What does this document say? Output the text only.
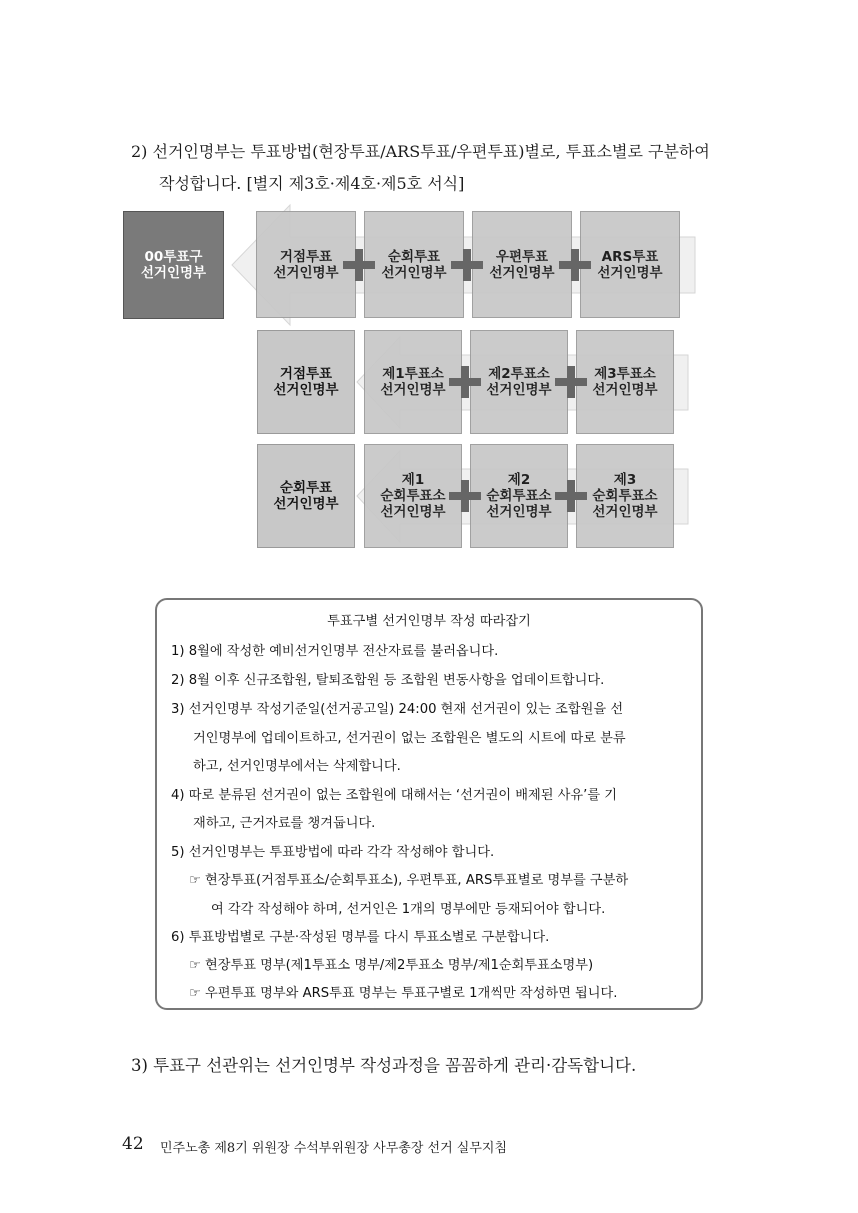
2) 선거인명부는 투표방법(현장투표/ARS투표/우편투표)별로, 투표소별로 구분하여
작성합니다. [별지 제3호·제4호·제5호 서식]
00투표구
선거인명부
거점투표
선거인명부
순회투표
선거인명부
우편투표
선거인명부
ARS투표
선거인명부
거점투표
선거인명부
제1투표소
선거인명부
제2투표소
선거인명부
제3투표소
선거인명부
순회투표
선거인명부
제1
순회투표소
선거인명부
제2
순회투표소
선거인명부
제3
순회투표소
선거인명부
투표구별 선거인명부 작성 따라잡기
1) 8월에 작성한 예비선거인명부 전산자료를 불러옵니다.
2) 8월 이후 신규조합원, 탈퇴조합원 등 조합원 변동사항을 업데이트합니다.
3) 선거인명부 작성기준일(선거공고일) 24:00 현재 선거권이 있는 조합원을 선
거인명부에 업데이트하고, 선거권이 없는 조합원은 별도의 시트에 따로 분류
하고, 선거인명부에서는 삭제합니다.
4) 따로 분류된 선거권이 없는 조합원에 대해서는 ‘선거권이 배제된 사유’를 기
재하고, 근거자료를 챙겨둡니다.
5) 선거인명부는 투표방법에 따라 각각 작성해야 합니다.
☞ 현장투표(거점투표소/순회투표소), 우편투표, ARS투표별로 명부를 구분하
여 각각 작성해야 하며, 선거인은 1개의 명부에만 등재되어야 합니다.
6) 투표방법별로 구분·작성된 명부를 다시 투표소별로 구분합니다.
☞ 현장투표 명부(제1투표소 명부/제2투표소 명부/제1순회투표소명부)
☞ 우편투표 명부와 ARS투표 명부는 투표구별로 1개씩만 작성하면 됩니다.
3) 투표구 선관위는 선거인명부 작성과정을 꼼꼼하게 관리·감독합니다.
42 민주노총 제8기 위원장 수석부위원장 사무총장 선거 실무지침
